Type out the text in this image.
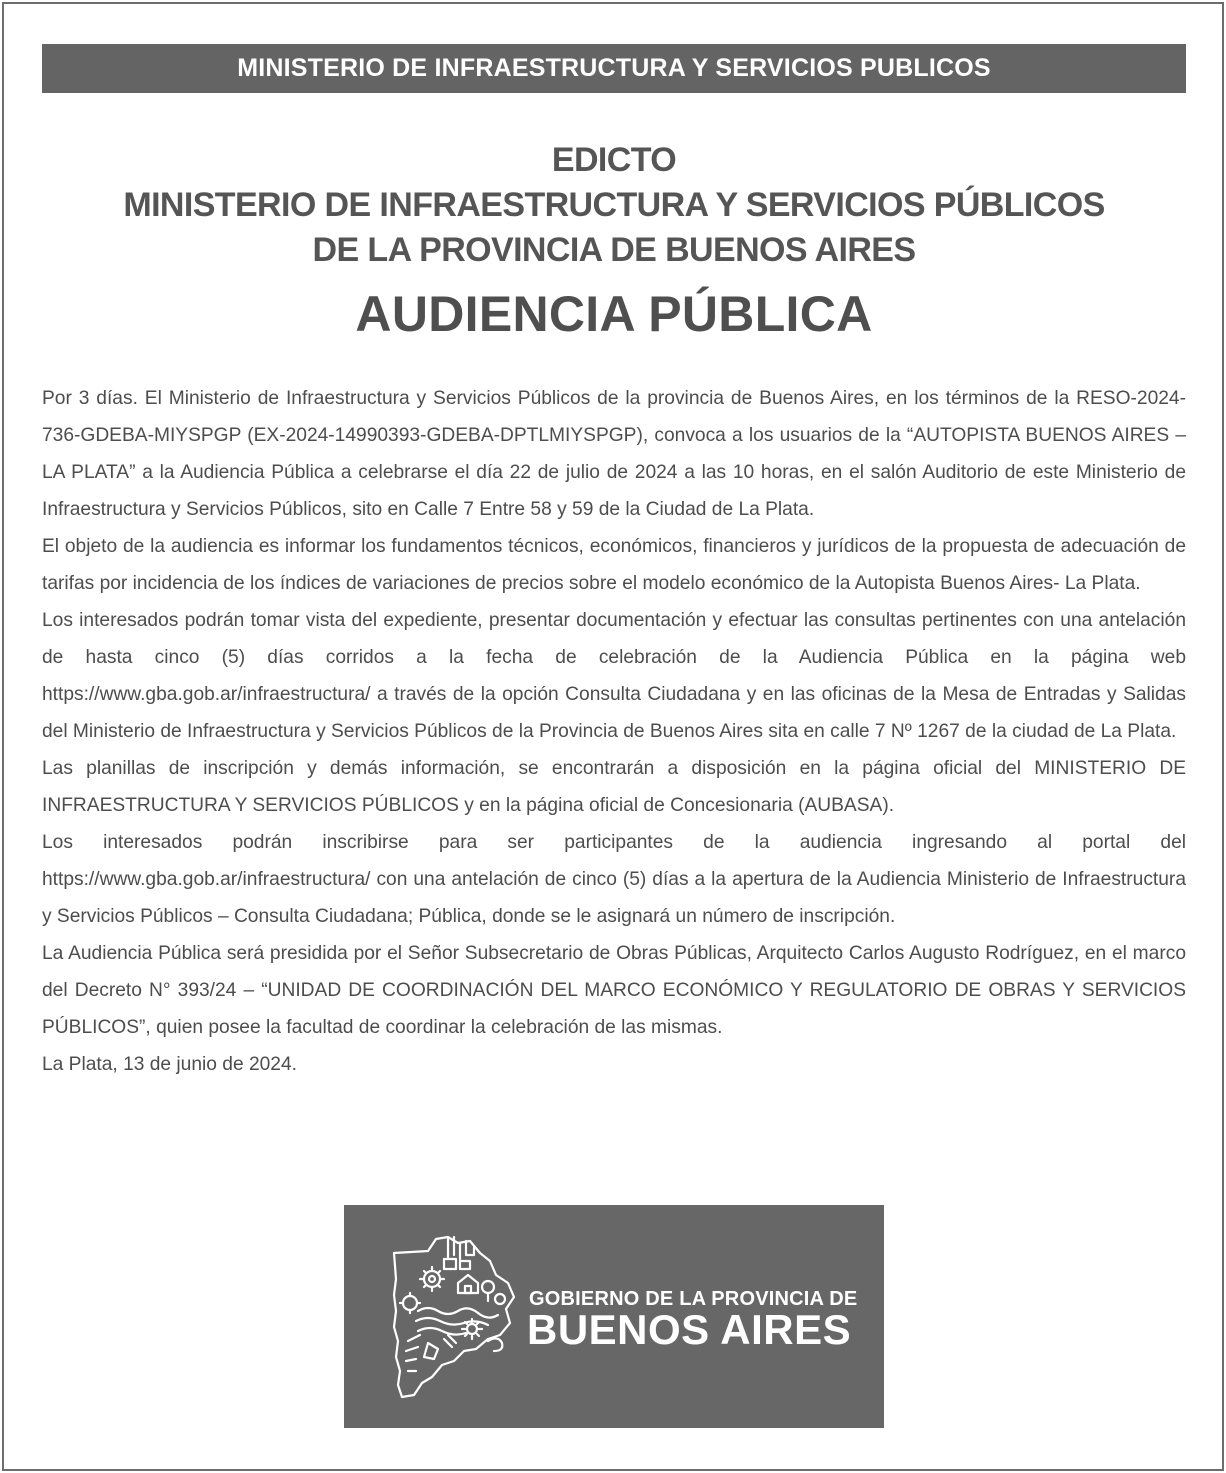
MINISTERIO DE INFRAESTRUCTURA Y SERVICIOS PUBLICOS
EDICTO
MINISTERIO DE INFRAESTRUCTURA Y SERVICIOS PÚBLICOS
DE LA PROVINCIA DE BUENOS AIRES
AUDIENCIA PÚBLICA

Por 3 días. El Ministerio de Infraestructura y Servicios Públicos de la provincia de Buenos Aires, en los términos de la RESO-2024-736-GDEBA-MIYSPGP (EX-2024-14990393-GDEBA-DPTLMIYSPGP), convoca a los usuarios de la “AUTOPISTA BUENOS AIRES – LA PLATA” a la Audiencia Pública a celebrarse el día 22 de julio de 2024 a las 10 horas, en el salón Auditorio de este Ministerio de Infraestructura y Servicios Públicos, sito en Calle 7 Entre 58 y 59 de la Ciudad de La Plata.

El objeto de la audiencia es informar los fundamentos técnicos, económicos, financieros y jurídicos de la propuesta de adecuación de tarifas por incidencia de los índices de variaciones de precios sobre el modelo económico de la Autopista Buenos Aires- La Plata.

Los interesados podrán tomar vista del expediente, presentar documentación y efectuar las consultas pertinentes con una antelación de hasta cinco (5) días corridos a la fecha de celebración de la Audiencia Pública en la página web https://www.gba.gob.ar/infraestructura/ a través de la opción Consulta Ciudadana y en las oficinas de la Mesa de Entradas y Salidas del Ministerio de Infraestructura y Servicios Públicos de la Provincia de Buenos Aires sita en calle 7 Nº 1267 de la ciudad de La Plata.

Las planillas de inscripción y demás información, se encontrarán a disposición en la página oficial del MINISTERIO DE INFRAESTRUCTURA Y SERVICIOS PÚBLICOS y en la página oficial de Concesionaria (AUBASA).

Los interesados podrán inscribirse para ser participantes de la audiencia ingresando al portal del https://www.gba.gob.ar/infraestructura/ con una antelación de cinco (5) días a la apertura de la Audiencia Ministerio de Infraestructura y Servicios Públicos – Consulta Ciudadana; Pública, donde se le asignará un número de inscripción.

La Audiencia Pública será presidida por el Señor Subsecretario de Obras Públicas, Arquitecto Carlos Augusto Rodríguez, en el marco del Decreto N° 393/24 – “UNIDAD DE COORDINACIÓN DEL MARCO ECONÓMICO Y REGULATORIO DE OBRAS Y SERVICIOS PÚBLICOS”, quien posee la facultad de coordinar la celebración de las mismas.

La Plata, 13 de junio de 2024.

GOBIERNO DE LA PROVINCIA DE
BUENOS AIRES
